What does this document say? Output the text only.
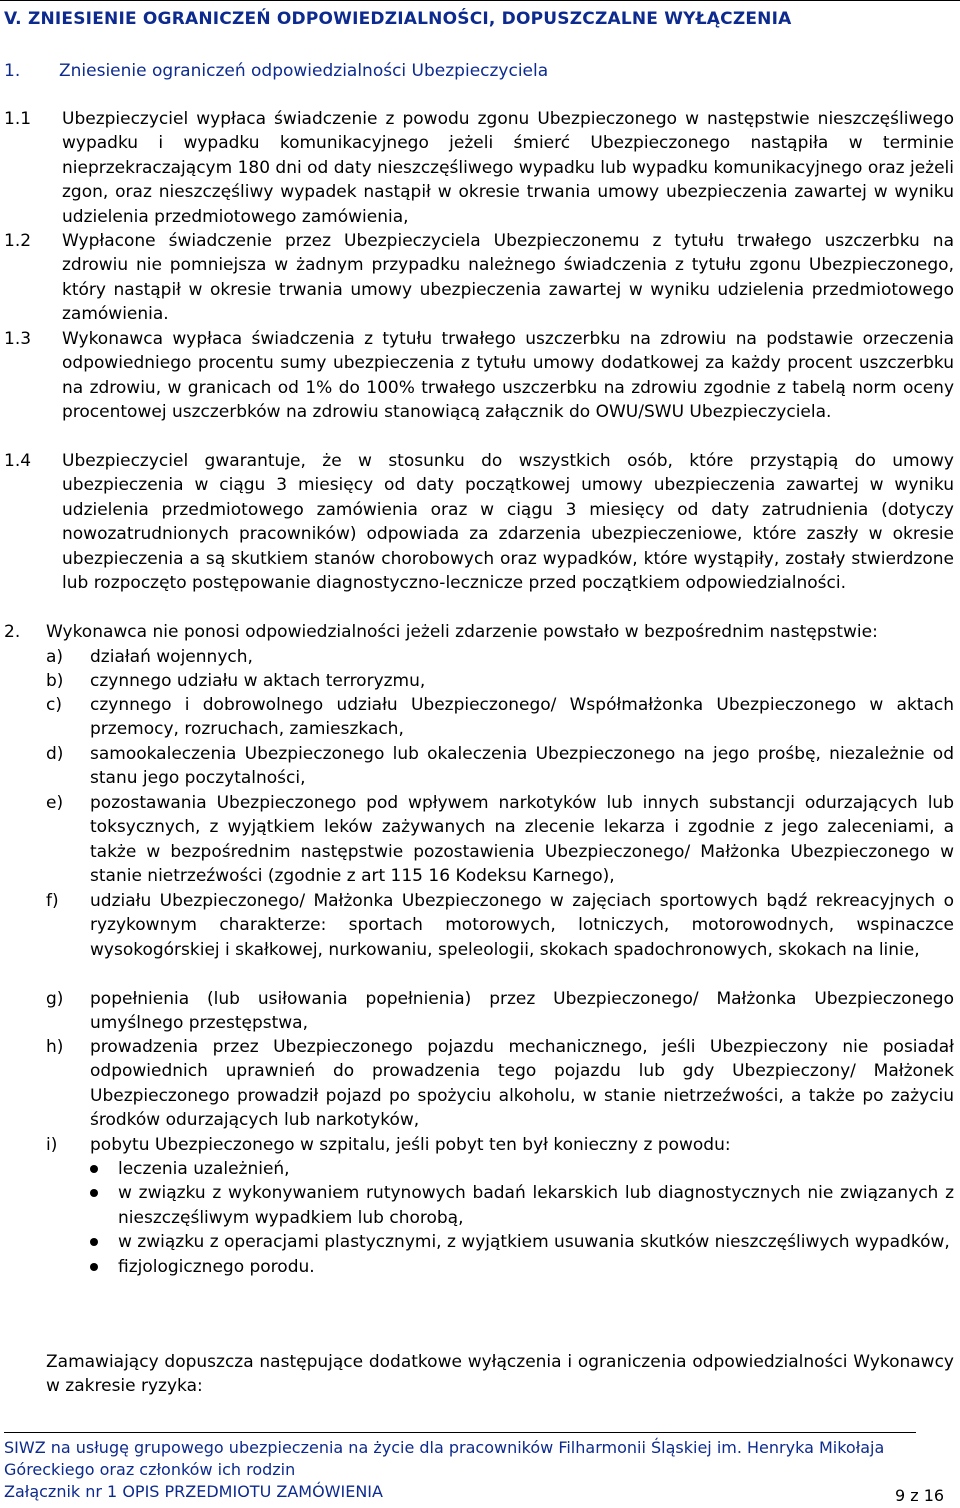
V. ZNIESIENIE OGRANICZEŃ ODPOWIEDZIALNOŚCI, DOPUSZCZALNE WYŁĄCZENIA
1. Zniesienie ograniczeń odpowiedzialności Ubezpieczyciela
1.1 Ubezpieczyciel wypłaca świadczenie z powodu zgonu Ubezpieczonego w następstwie nieszczęśliwego wypadku i wypadku komunikacyjnego jeżeli śmierć Ubezpieczonego nastąpiła w terminie nieprzekraczającym 180 dni od daty nieszczęśliwego wypadku lub wypadku komunikacyjnego oraz jeżeli zgon, oraz nieszczęśliwy wypadek nastąpił w okresie trwania umowy ubezpieczenia zawartej w wyniku udzielenia przedmiotowego zamówienia,
1.2 Wypłacone świadczenie przez Ubezpieczyciela Ubezpieczonemu z tytułu trwałego uszczerbku na zdrowiu nie pomniejsza w żadnym przypadku należnego świadczenia z tytułu zgonu Ubezpieczonego, który nastąpił w okresie trwania umowy ubezpieczenia zawartej w wyniku udzielenia przedmiotowego zamówienia.
1.3 Wykonawca wypłaca świadczenia z tytułu trwałego uszczerbku na zdrowiu na podstawie orzeczenia odpowiedniego procentu sumy ubezpieczenia z tytułu umowy dodatkowej za każdy procent uszczerbku na zdrowiu, w granicach od 1% do 100% trwałego uszczerbku na zdrowiu zgodnie z tabelą norm oceny procentowej uszczerbków na zdrowiu stanowiącą załącznik do OWU/SWU Ubezpieczyciela.
1.4 Ubezpieczyciel gwarantuje, że w stosunku do wszystkich osób, które przystąpią do umowy ubezpieczenia w ciągu 3 miesięcy od daty początkowej umowy ubezpieczenia zawartej w wyniku udzielenia przedmiotowego zamówienia oraz w ciągu 3 miesięcy od daty zatrudnienia (dotyczy nowozatrudnionych pracowników) odpowiada za zdarzenia ubezpieczeniowe, które zaszły w okresie ubezpieczenia a są skutkiem stanów chorobowych oraz wypadków, które wystąpiły, zostały stwierdzone lub rozpoczęto postępowanie diagnostyczno-lecznicze przed początkiem odpowiedzialności.
2. Wykonawca nie ponosi odpowiedzialności jeżeli zdarzenie powstało w bezpośrednim następstwie:
a) działań wojennych,
b) czynnego udziału w aktach terroryzmu,
c) czynnego i dobrowolnego udziału Ubezpieczonego/ Współmałżonka Ubezpieczonego w aktach przemocy, rozruchach, zamieszkach,
d) samookaleczenia Ubezpieczonego lub okaleczenia Ubezpieczonego na jego prośbę, niezależnie od stanu jego poczytalności,
e) pozostawania Ubezpieczonego pod wpływem narkotyków lub innych substancji odurzających lub toksycznych, z wyjątkiem leków zażywanych na zlecenie lekarza i zgodnie z jego zaleceniami, a także w bezpośrednim następstwie pozostawienia Ubezpieczonego/ Małżonka Ubezpieczonego w stanie nietrzeźwości (zgodnie z art 115 16 Kodeksu Karnego),
f) udziału Ubezpieczonego/ Małżonka Ubezpieczonego w zajęciach sportowych bądź rekreacyjnych o ryzykownym charakterze: sportach motorowych, lotniczych, motorowodnych, wspinaczce wysokogórskiej i skałkowej, nurkowaniu, speleologii, skokach spadochronowych, skokach na linie,
g) popełnienia (lub usiłowania popełnienia) przez Ubezpieczonego/ Małżonka Ubezpieczonego umyślnego przestępstwa,
h) prowadzenia przez Ubezpieczonego pojazdu mechanicznego, jeśli Ubezpieczony nie posiadał odpowiednich uprawnień do prowadzenia tego pojazdu lub gdy Ubezpieczony/ Małżonek Ubezpieczonego prowadził pojazd po spożyciu alkoholu, w stanie nietrzeźwości, a także po zażyciu środków odurzających lub narkotyków,
i) pobytu Ubezpieczonego w szpitalu, jeśli pobyt ten był konieczny z powodu:
leczenia uzależnień,
w związku z wykonywaniem rutynowych badań lekarskich lub diagnostycznych nie związanych z nieszczęśliwym wypadkiem lub chorobą,
w związku z operacjami plastycznymi, z wyjątkiem usuwania skutków nieszczęśliwych wypadków,
fizjologicznego porodu.
Zamawiający dopuszcza następujące dodatkowe wyłączenia i ograniczenia odpowiedzialności Wykonawcy w zakresie ryzyka:
SIWZ na usługę grupowego ubezpieczenia na życie dla pracowników Filharmonii Śląskiej im. Henryka Mikołaja Góreckiego oraz członków ich rodzin
Załącznik nr 1 OPIS PRZEDMIOTU ZAMÓWIENIA	9 z 16
